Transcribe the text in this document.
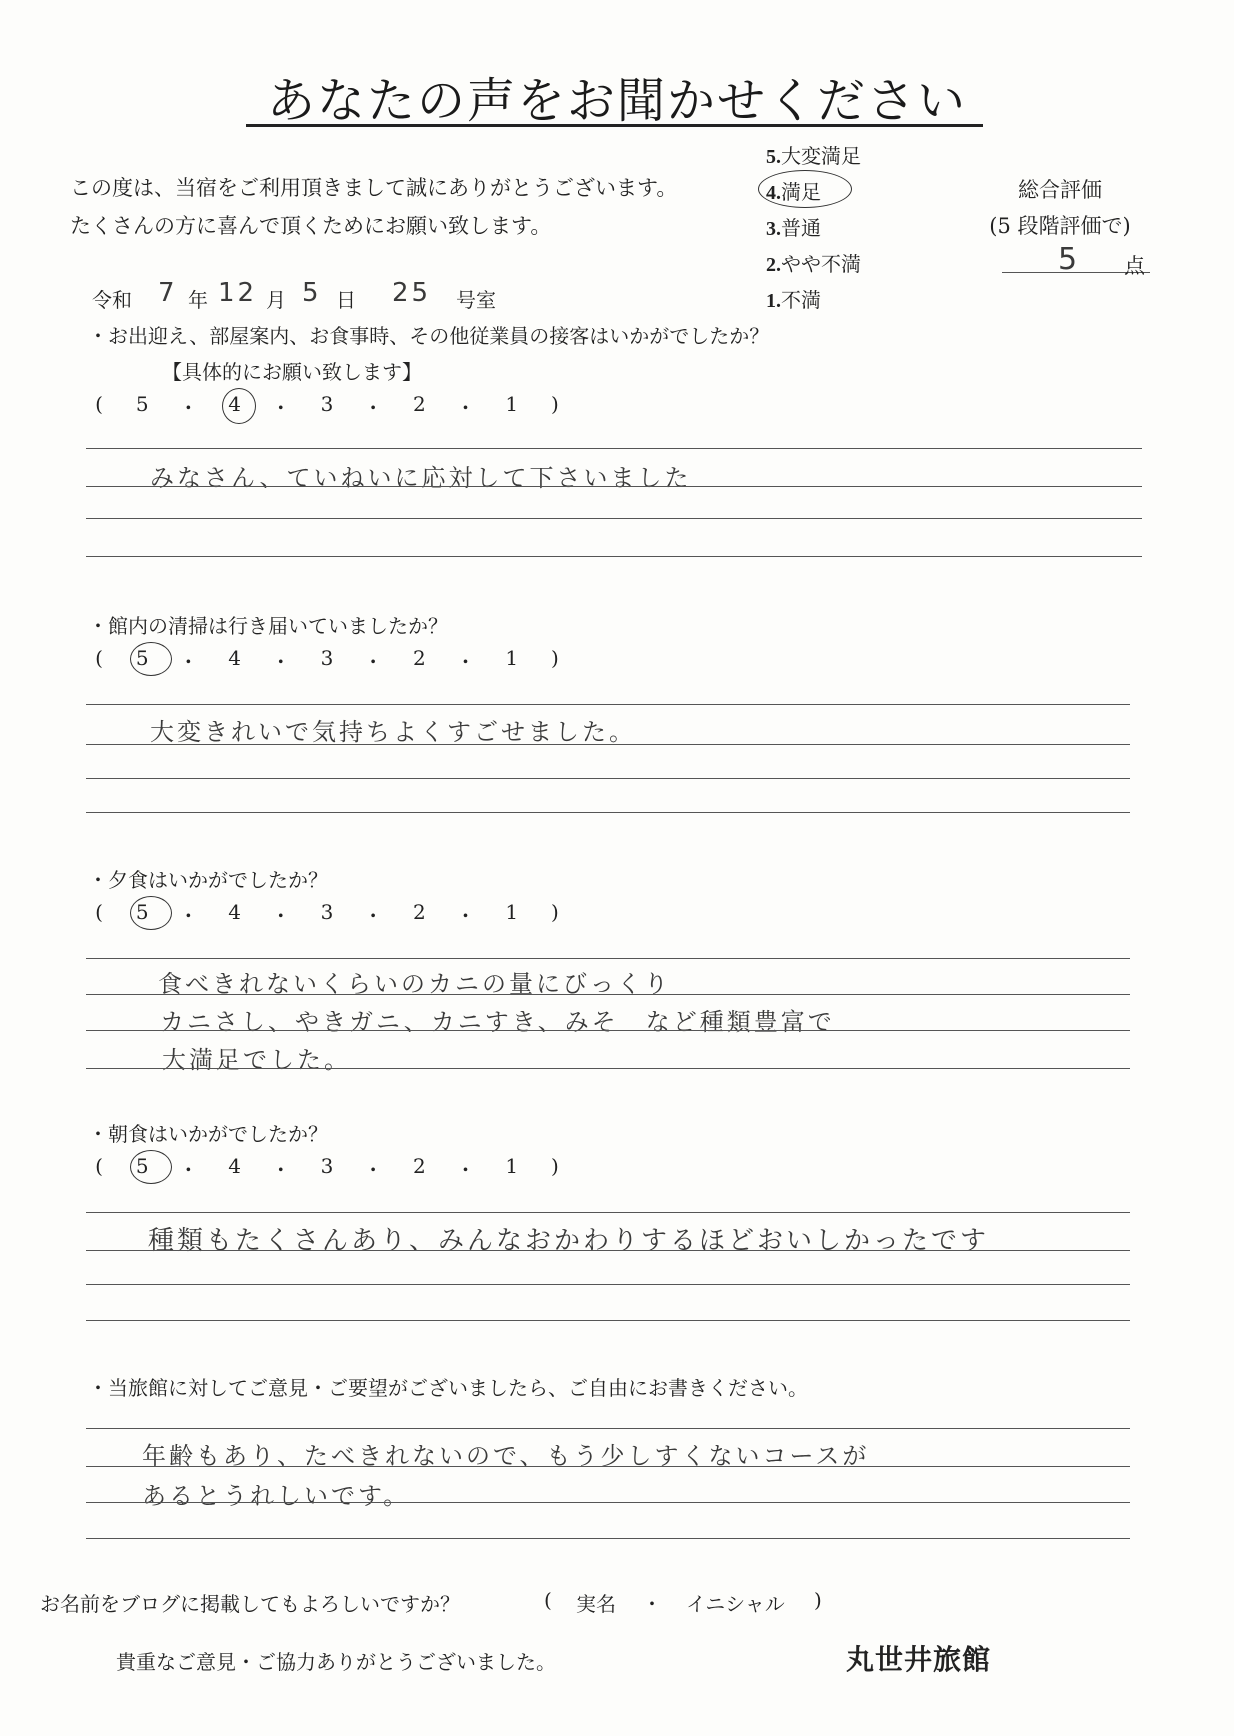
あなたの声をお聞かせください
この度は、当宿をご利用頂きまして誠にありがとうございます。
たくさんの方に喜んで頂くためにお願い致します。
5.大変満足
4.満足
3.普通
2.やや不満
1.不満
総合評価
(5 段階評価で)
5 点
令和 7 年 12 月 5 日 25 号室
・お出迎え、部屋案内、お食事時、その他従業員の接客はいかがでしたか？
【具体的にお願い致します】
( 5 ・ 4 ・ 3 ・ 2 ・ 1 )
みなさん、ていねいに応対して下さいました
・館内の清掃は行き届いていましたか？
( 5 ・ 4 ・ 3 ・ 2 ・ 1 )
大変きれいで気持ちよくすごせました。
・夕食はいかがでしたか？
( 5 ・ 4 ・ 3 ・ 2 ・ 1 )
食べきれないくらいのカニの量にびっくり
カニさし、やきガニ、カニすき、みそ　など種類豊富で
大満足でした。
・朝食はいかがでしたか？
( 5 ・ 4 ・ 3 ・ 2 ・ 1 )
種類もたくさんあり、みんなおかわりするほどおいしかったです
・当旅館に対してご意見・ご要望がございましたら、ご自由にお書きください。
年齢もあり、たべきれないので、もう少しすくないコースが
あるとうれしいです。
お名前をブログに掲載してもよろしいですか？	( 実名 ・ イニシャル )
貴重なご意見・ご協力ありがとうございました。	丸世井旅館
